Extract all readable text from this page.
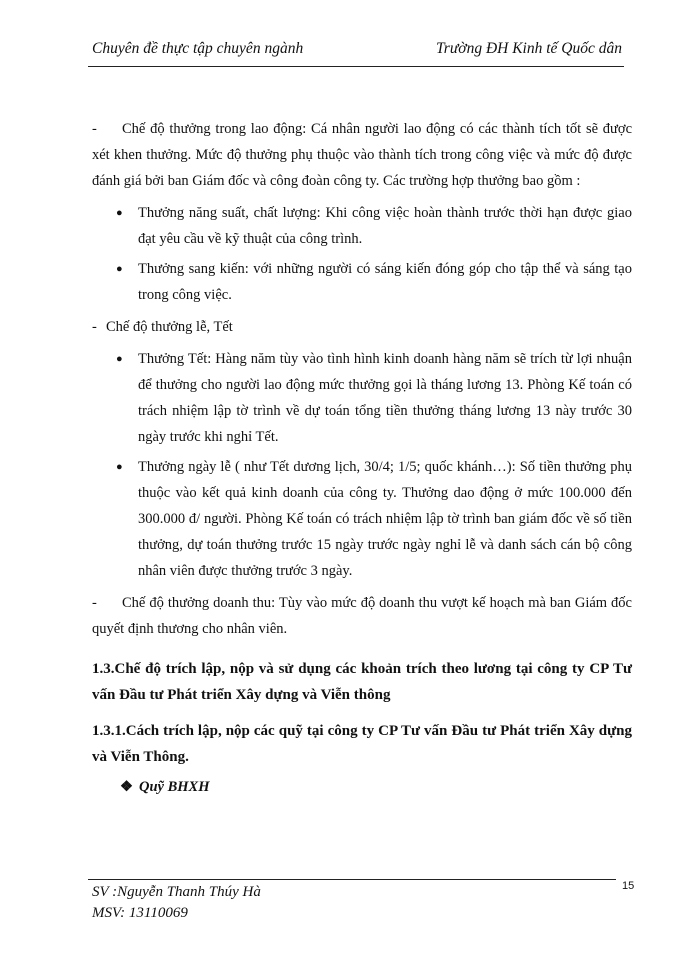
Chuyên đề thực tập chuyên ngành	Trường ĐH Kinh tế Quốc dân

- Chế độ thưởng trong lao động: Cá nhân người lao động có các thành tích tốt sẽ được xét khen thưởng. Mức độ thưởng phụ thuộc vào thành tích trong công việc và mức độ được đánh giá bởi ban Giám đốc và công đoàn công ty. Các trường hợp thưởng bao gồm :

● Thưởng năng suất, chất lượng: Khi công việc hoàn thành trước thời hạn được giao đạt yêu cầu về kỹ thuật của công trình.
● Thưởng sang kiến: với những người có sáng kiến đóng góp cho tập thể và sáng tạo trong công việc.

- Chế độ thưởng lễ, Tết

● Thưởng Tết: Hàng năm tùy vào tình hình kinh doanh hàng năm sẽ trích từ lợi nhuận để thưởng cho người lao động mức thưởng gọi là tháng lương 13. Phòng Kế toán có trách nhiệm lập tờ trình về dự toán tổng tiền thưởng tháng lương 13 này trước 30 ngày trước khi nghỉ Tết.
● Thưởng ngày lễ ( như Tết dương lịch, 30/4; 1/5; quốc khánh…): Số tiền thưởng phụ thuộc vào kết quả kinh doanh của công ty. Thưởng dao động ở mức 100.000 đến 300.000 đ/ người. Phòng Kế toán có trách nhiệm lập tờ trình ban giám đốc về số tiền thưởng, dự toán thưởng trước 15 ngày trước ngày nghỉ lễ và danh sách cán bộ công nhân viên được thưởng trước 3 ngày.

- Chế độ thưởng doanh thu: Tùy vào mức độ doanh thu vượt kế hoạch mà ban Giám đốc quyết định thương cho nhân viên.

1.3.Chế độ trích lập, nộp và sử dụng các khoản trích theo lương tại công ty CP Tư vấn Đầu tư Phát triển Xây dựng và Viễn thông
1.3.1.Cách trích lập, nộp các quỹ tại công ty CP Tư vấn Đầu tư Phát triển Xây dựng và Viễn Thông.
❖ Quỹ BHXH
SV :Nguyễn Thanh Thúy Hà
MSV: 13110069
15
